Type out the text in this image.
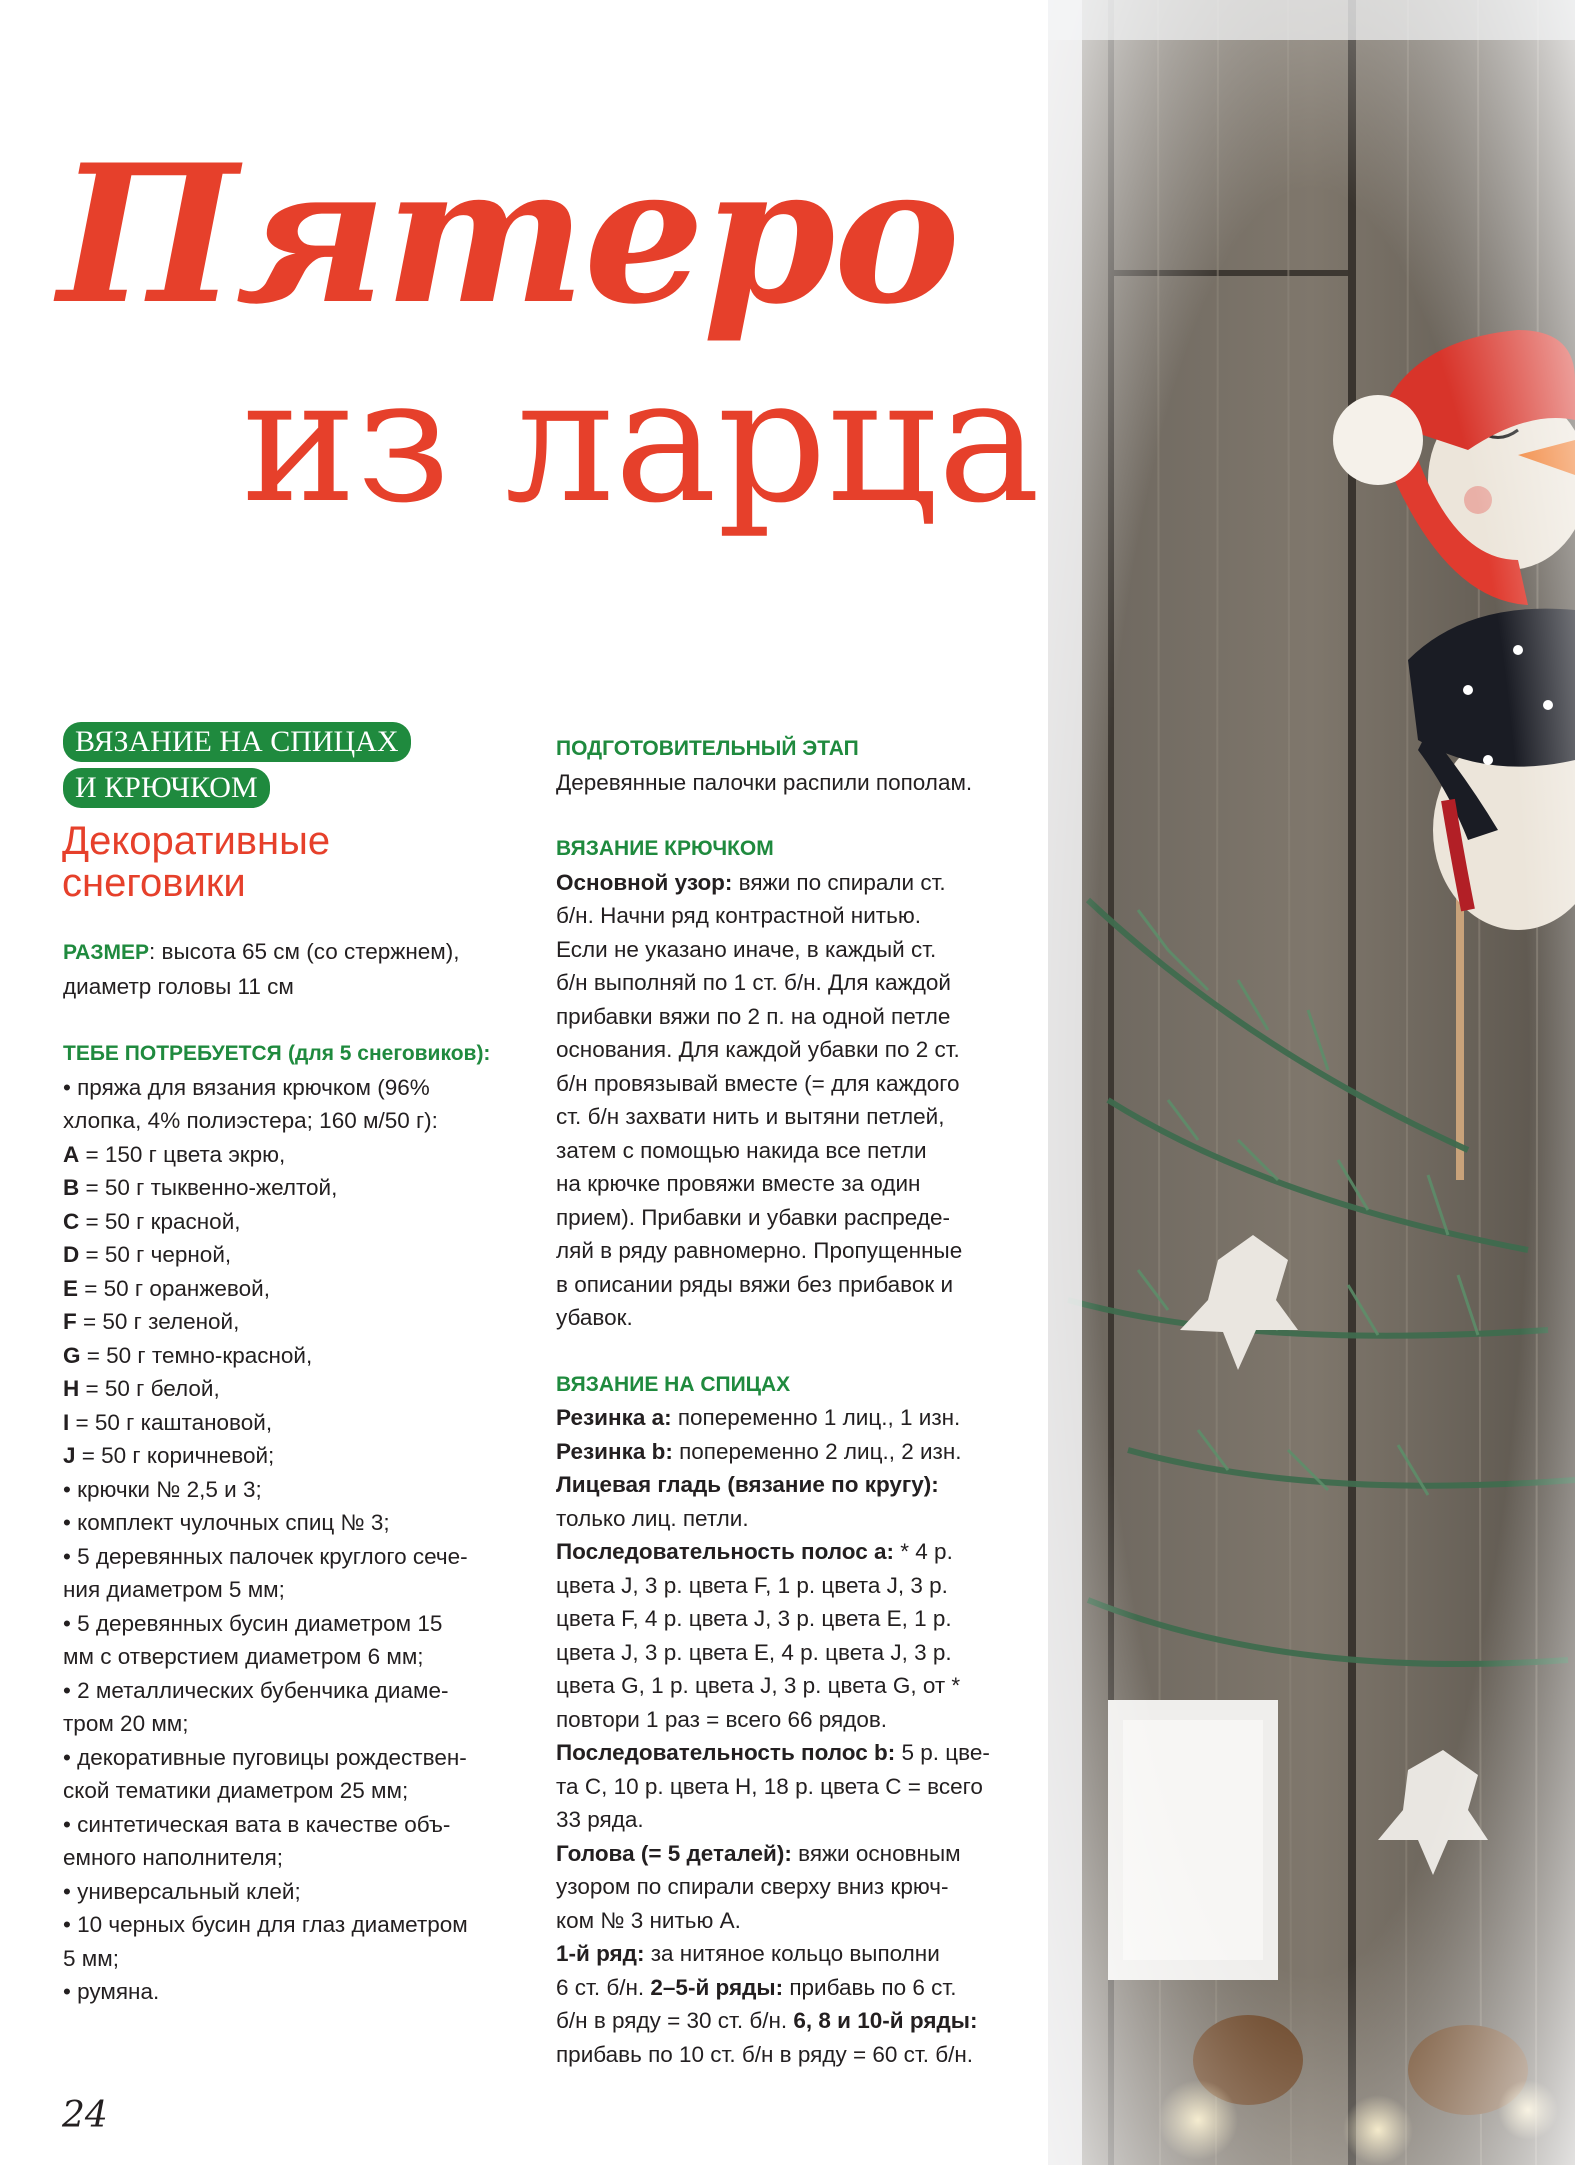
Пятеро
из ларца
ВЯЗАНИЕ НА СПИЦАХ
И КРЮЧКОМ
Декоративные
снеговики

РАЗМЕР: высота 65 см (со стержнем),

диаметр головы 11 см

ТЕБЕ ПОТРЕБУЕТСЯ (для 5 снеговиков):

• пряжа для вязания крючком (96%

хлопка, 4% полиэстера; 160 м/50 г):

A = 150 г цвета экрю,

B = 50 г тыквенно-желтой,

C = 50 г красной,

D = 50 г черной,

E = 50 г оранжевой,

F = 50 г зеленой,

G = 50 г темно-красной,

H = 50 г белой,

I = 50 г каштановой,

J = 50 г коричневой;

• крючки № 2,5 и 3;

• комплект чулочных спиц № 3;

• 5 деревянных палочек круглого сече-

ния диаметром 5 мм;

• 5 деревянных бусин диаметром 15

мм с отверстием диаметром 6 мм;

• 2 металлических бубенчика диаме-

тром 20 мм;

• декоративные пуговицы рождествен-

ской тематики диаметром 25 мм;

• синтетическая вата в качестве объ-

емного наполнителя;

• универсальный клей;

• 10 черных бусин для глаз диаметром

5 мм;

• румяна.

ПОДГОТОВИТЕЛЬНЫЙ ЭТАП

Деревянные палочки распили пополам.

ВЯЗАНИЕ КРЮЧКОМ

Основной узор: вяжи по спирали ст.

б/н. Начни ряд контрастной нитью.

Если не указано иначе, в каждый ст.

б/н выполняй по 1 ст. б/н. Для каждой

прибавки вяжи по 2 п. на одной петле

основания. Для каждой убавки по 2 ст.

б/н провязывай вместе (= для каждого

ст. б/н захвати нить и вытяни петлей,

затем с помощью накида все петли

на крючке провяжи вместе за один

прием). Прибавки и убавки распреде-

ляй в ряду равномерно. Пропущенные

в описании ряды вяжи без прибавок и

убавок.

ВЯЗАНИЕ НА СПИЦАХ

Резинка a: попеременно 1 лиц., 1 изн.

Резинка b: попеременно 2 лиц., 2 изн.

Лицевая гладь (вязание по кругу):

только лиц. петли.

Последовательность полос a: * 4 р.

цвета J, 3 р. цвета F, 1 р. цвета J, 3 р.

цвета F, 4 р. цвета J, 3 р. цвета E, 1 р.

цвета J, 3 р. цвета E, 4 р. цвета J, 3 р.

цвета G, 1 р. цвета J, 3 р. цвета G, от *

повтори 1 раз = всего 66 рядов.

Последовательность полос b: 5 р. цве-

та C, 10 р. цвета H, 18 р. цвета C = всего

33 ряда.

Голова (= 5 деталей): вяжи основным

узором по спирали сверху вниз крюч-

ком № 3 нитью A.

1-й ряд: за нитяное кольцо выполни

6 ст. б/н. 2–5-й ряды: прибавь по 6 ст.

б/н в ряду = 30 ст. б/н. 6, 8 и 10-й ряды:

прибавь по 10 ст. б/н в ряду = 60 ст. б/н.

24
